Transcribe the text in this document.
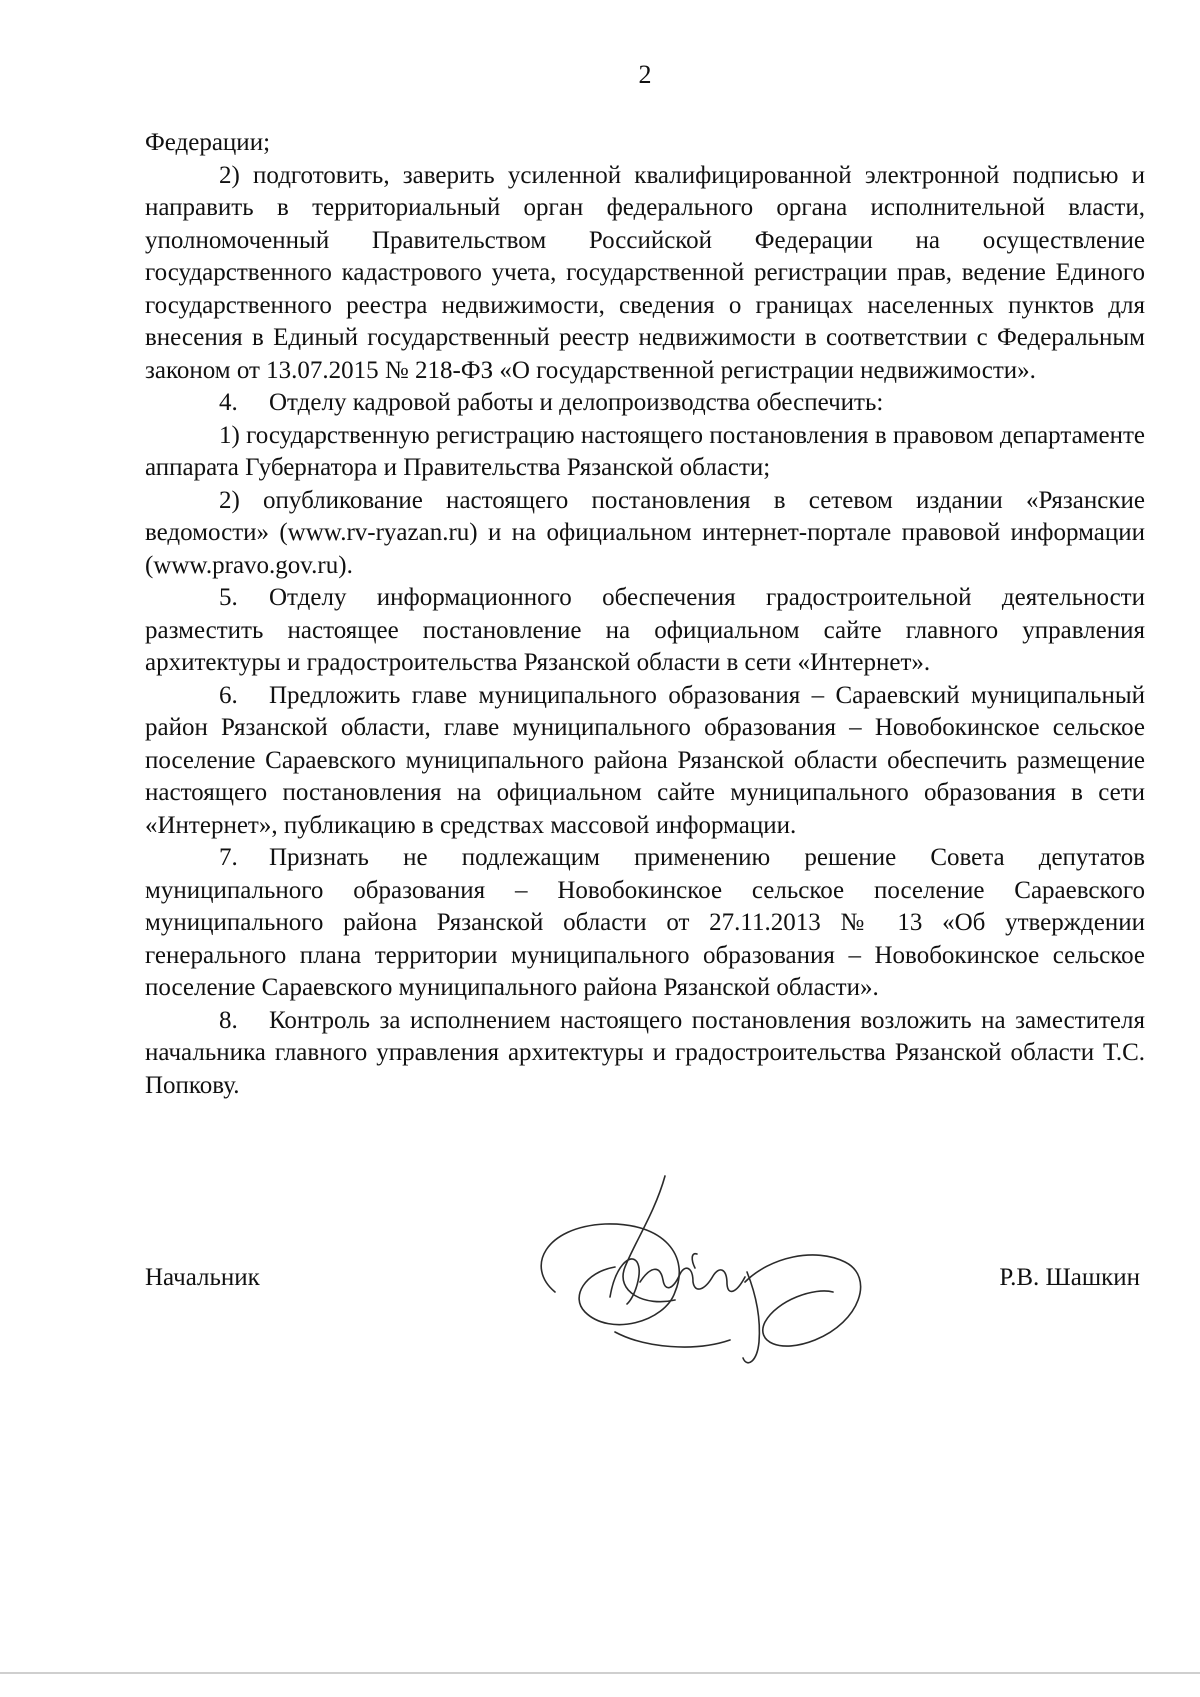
2

Федерации;

2) подготовить, заверить усиленной квалифицированной электронной подписью и направить в территориальный орган федерального органа исполнительной власти, уполномоченный Правительством Российской Федерации на осуществление государственного кадастрового учета, государственной регистрации прав, ведение Единого государственного реестра недвижимости, сведения о границах населенных пунктов для внесения в Единый государственный реестр недвижимости в соответствии с Федеральным законом от 13.07.2015 № 218-ФЗ «О государственной регистрации недвижимости».

4. Отделу кадровой работы и делопроизводства обеспечить:

1) государственную регистрацию настоящего постановления в правовом департаменте аппарата Губернатора и Правительства Рязанской области;

2) опубликование настоящего постановления в сетевом издании «Рязанские ведомости» (www.rv-ryazan.ru) и на официальном интернет-портале правовой информации (www.pravo.gov.ru).

5. Отделу информационного обеспечения градостроительной деятельности разместить настоящее постановление на официальном сайте главного управления архитектуры и градостроительства Рязанской области в сети «Интернет».

6. Предложить главе муниципального образования – Сараевский муниципальный район Рязанской области, главе муниципального образования – Новобокинское сельское поселение Сараевского муниципального района Рязанской области обеспечить размещение настоящего постановления на официальном сайте муниципального образования в сети «Интернет», публикацию в средствах массовой информации.

7. Признать не подлежащим применению решение Совета депутатов муниципального образования – Новобокинское сельское поселение Сараевского муниципального района Рязанской области от 27.11.2013 № 13 «Об утверждении генерального плана территории муниципального образования – Новобокинское сельское поселение Сараевского муниципального района Рязанской области».

8. Контроль за исполнением настоящего постановления возложить на заместителя начальника главного управления архитектуры и градостроительства Рязанской области Т.С. Попкову.

Начальник	Р.В. Шашкин
